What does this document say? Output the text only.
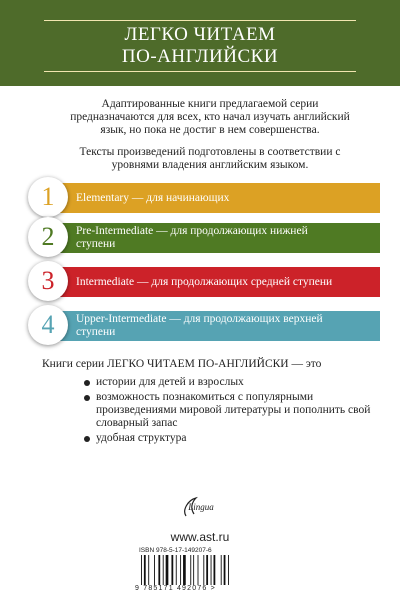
ЛЕГКО ЧИТАЕМ
ПО-АНГЛИЙСКИ
Адаптированные книги предлагаемой серии предназначаются для всех, кто начал изучать английский язык, но пока не достиг в нем совершенства.
Тексты произведений подготовлены в соответствии с уровнями владения английским языком.
1	Elementary — для начинающих
2	Pre-Intermediate — для продолжающих нижней ступени
3	Intermediate — для продолжающих средней ступени
4	Upper-Intermediate — для продолжающих верхней ступени
Книги серии ЛЕГКО ЧИТАЕМ ПО-АНГЛИЙСКИ — это
истории для детей и взрослых
возможность познакомиться с популярными произведениями мировой литературы и пополнить свой словарный запас
удобная структура
Lingua
www.ast.ru
ISBN 978-5-17-149207-6
9 785171 492076 >
